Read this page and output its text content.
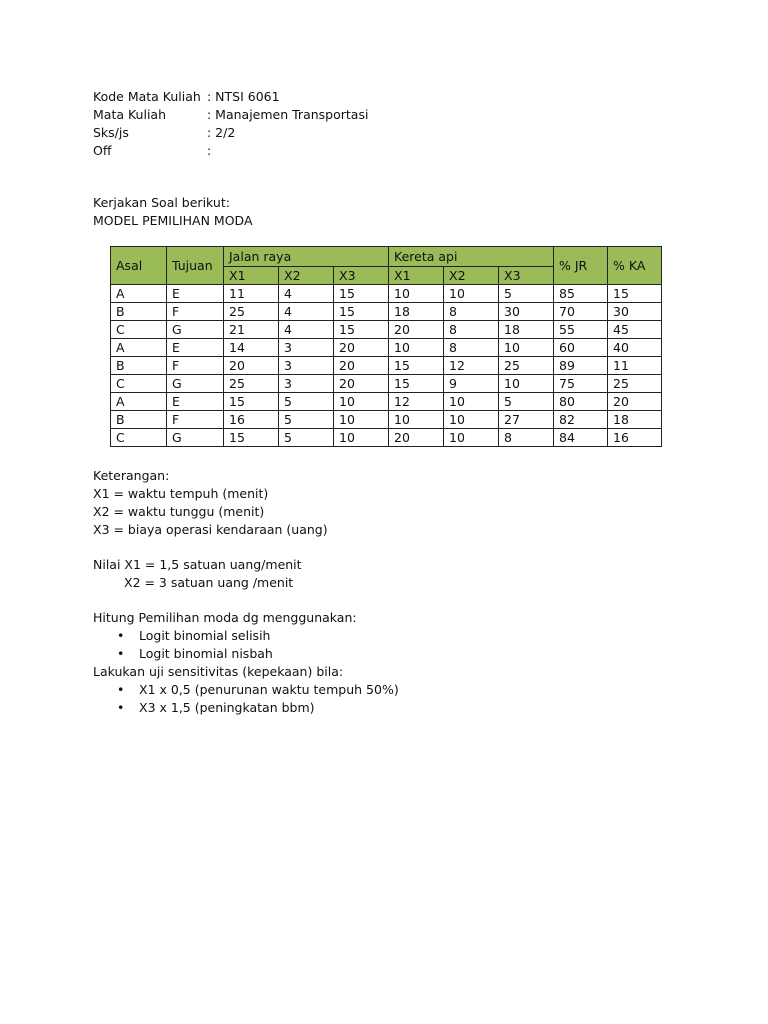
Kode Mata Kuliah : NTSI 6061
Mata Kuliah	: Manajemen Transportasi
Sks/js	: 2/2
Off	:
Kerjakan Soal berikut:
MODEL PEMILIHAN MODA
Asal	Tujuan	Jalan raya			Kereta api			% JR	% KA
		X1	X2	X3	X1	X2	X3		
A	E	11	4	15	10	10	5	85	15
B	F	25	4	15	18	8	30	70	30
C	G	21	4	15	20	8	18	55	45
A	E	14	3	20	10	8	10	60	40
B	F	20	3	20	15	12	25	89	11
C	G	25	3	20	15	9	10	75	25
A	E	15	5	10	12	10	5	80	20
B	F	16	5	10	10	10	27	82	18
C	G	15	5	10	20	10	8	84	16
Keterangan:
X1 = waktu tempuh (menit)
X2 = waktu tunggu (menit)
X3 = biaya operasi kendaraan (uang)
Nilai X1 = 1,5 satuan uang/menit
X2 = 3 satuan uang /menit
Hitung Pemilihan moda dg menggunakan:
• Logit binomial selisih
• Logit binomial nisbah
Lakukan uji sensitivitas (kepekaan) bila:
• X1 x 0,5 (penurunan waktu tempuh 50%)
• X3 x 1,5 (peningkatan bbm)
